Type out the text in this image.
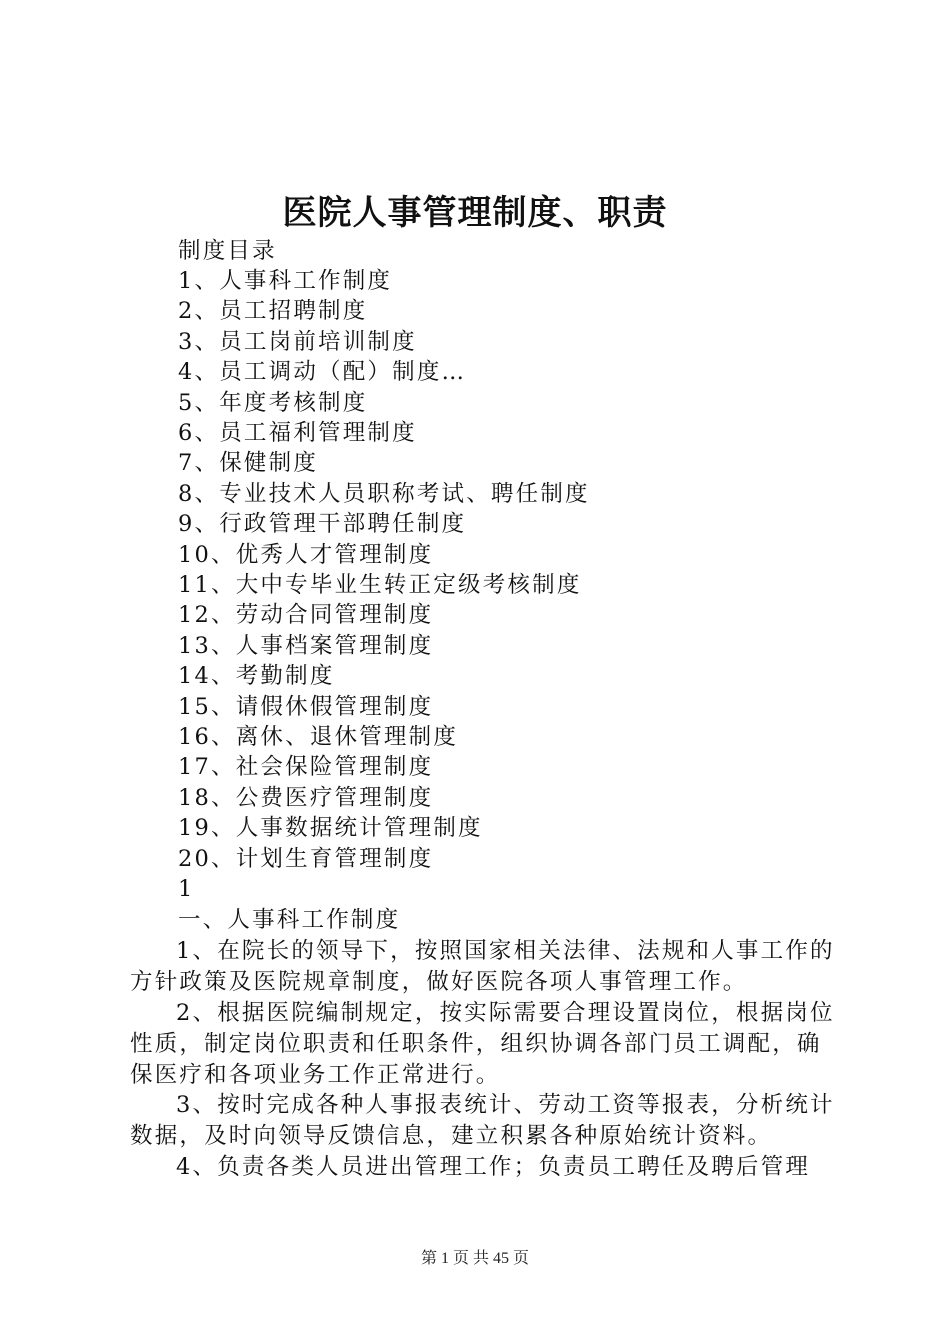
医院人事管理制度、职责
制度目录
1、人事科工作制度
2、员工招聘制度
3、员工岗前培训制度
4、员工调动（配）制度…
5、年度考核制度
6、员工福利管理制度
7、保健制度
8、专业技术人员职称考试、聘任制度
9、行政管理干部聘任制度
10、优秀人才管理制度
11、大中专毕业生转正定级考核制度
12、劳动合同管理制度
13、人事档案管理制度
14、考勤制度
15、请假休假管理制度
16、离休、退休管理制度
17、社会保险管理制度
18、公费医疗管理制度
19、人事数据统计管理制度
20、计划生育管理制度
1
一、人事科工作制度
1、在院长的领导下，按照国家相关法律、法规和人事工作的方针政策及医院规章制度，做好医院各项人事管理工作。
2、根据医院编制规定，按实际需要合理设置岗位，根据岗位性质，制定岗位职责和任职条件，组织协调各部门员工调配，确保医疗和各项业务工作正常进行。
3、按时完成各种人事报表统计、劳动工资等报表，分析统计数据，及时向领导反馈信息，建立积累各种原始统计资料。
4、负责各类人员进出管理工作；负责员工聘任及聘后管理
第 1 页 共 45 页
